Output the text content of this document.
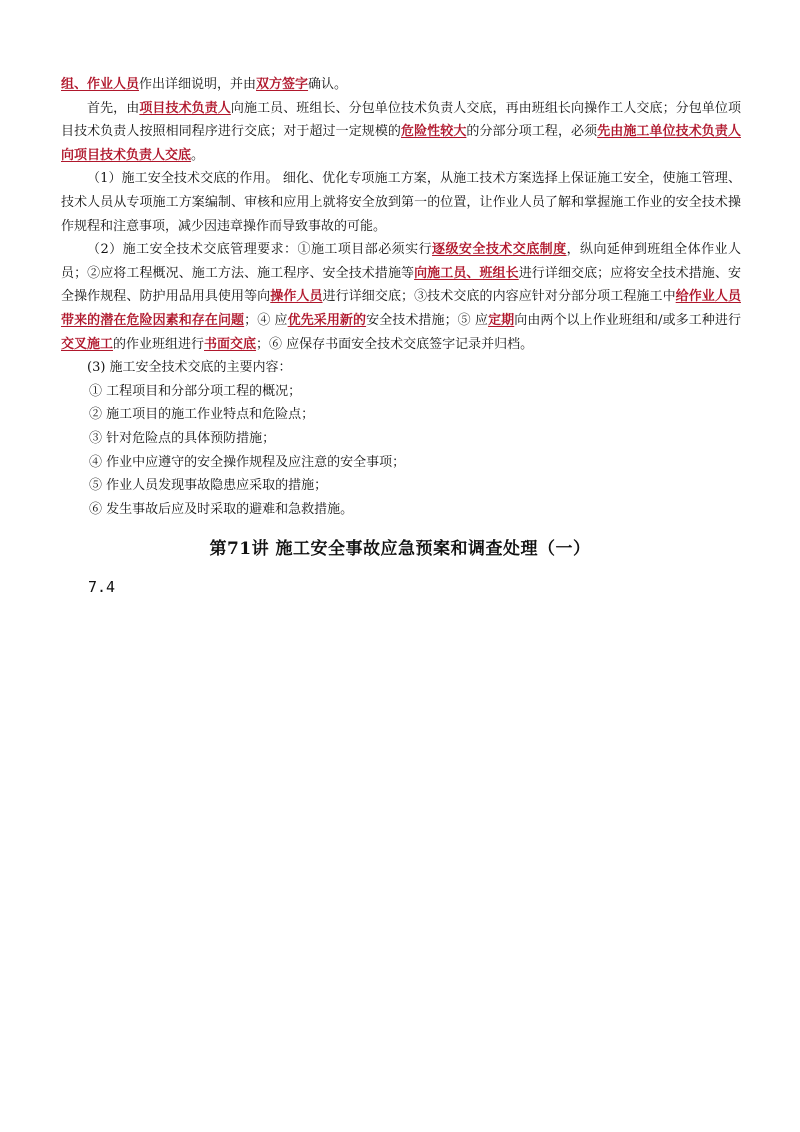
组、作业人员作出详细说明，并由双方签字确认。

首先，由项目技术负责人向施工员、班组长、分包单位技术负责人交底，再由班组长向操作工人交底；分包单位项目技术负责人按照相同程序进行交底；对于超过一定规模的危险性较大的分部分项工程，必须先由施工单位技术负责人向项目技术负责人交底。

（1）施工安全技术交底的作用。 细化、优化专项施工方案，从施工技术方案选择上保证施工安全，使施工管理、 技术人员从专项施工方案编制、审核和应用上就将安全放到第一的位置，让作业人员了解和掌握施工作业的安全技术操作规程和注意事项，减少因违章操作而导致事故的可能。

（2）施工安全技术交底管理要求：①施工项目部必须实行逐级安全技术交底制度，纵向延伸到班组全体作业人员；②应将工程概况、施工方法、施工程序、安全技术措施等向施工员、班组长进行详细交底；应将安全技术措施、安全操作规程、防护用品用具使用等向操作人员进行详细交底；③技术交底的内容应针对分部分项工程施工中给作业人员带来的潜在危险因素和存在问题；④ 应优先采用新的安全技术措施；⑤ 应定期向由两个以上作业班组和/或多工种进行交叉施工的作业班组进行书面交底；⑥ 应保存书面安全技术交底签字记录并归档。

(3) 施工安全技术交底的主要内容：

① 工程项目和分部分项工程的概况；

② 施工项目的施工作业特点和危险点；

③ 针对危险点的具体预防措施；

④ 作业中应遵守的安全操作规程及应注意的安全事项；

⑤ 作业人员发现事故隐患应采取的措施；

⑥ 发生事故后应及时采取的避难和急救措施。

第71讲 施工安全事故应急预案和调查处理（一）
7.4
